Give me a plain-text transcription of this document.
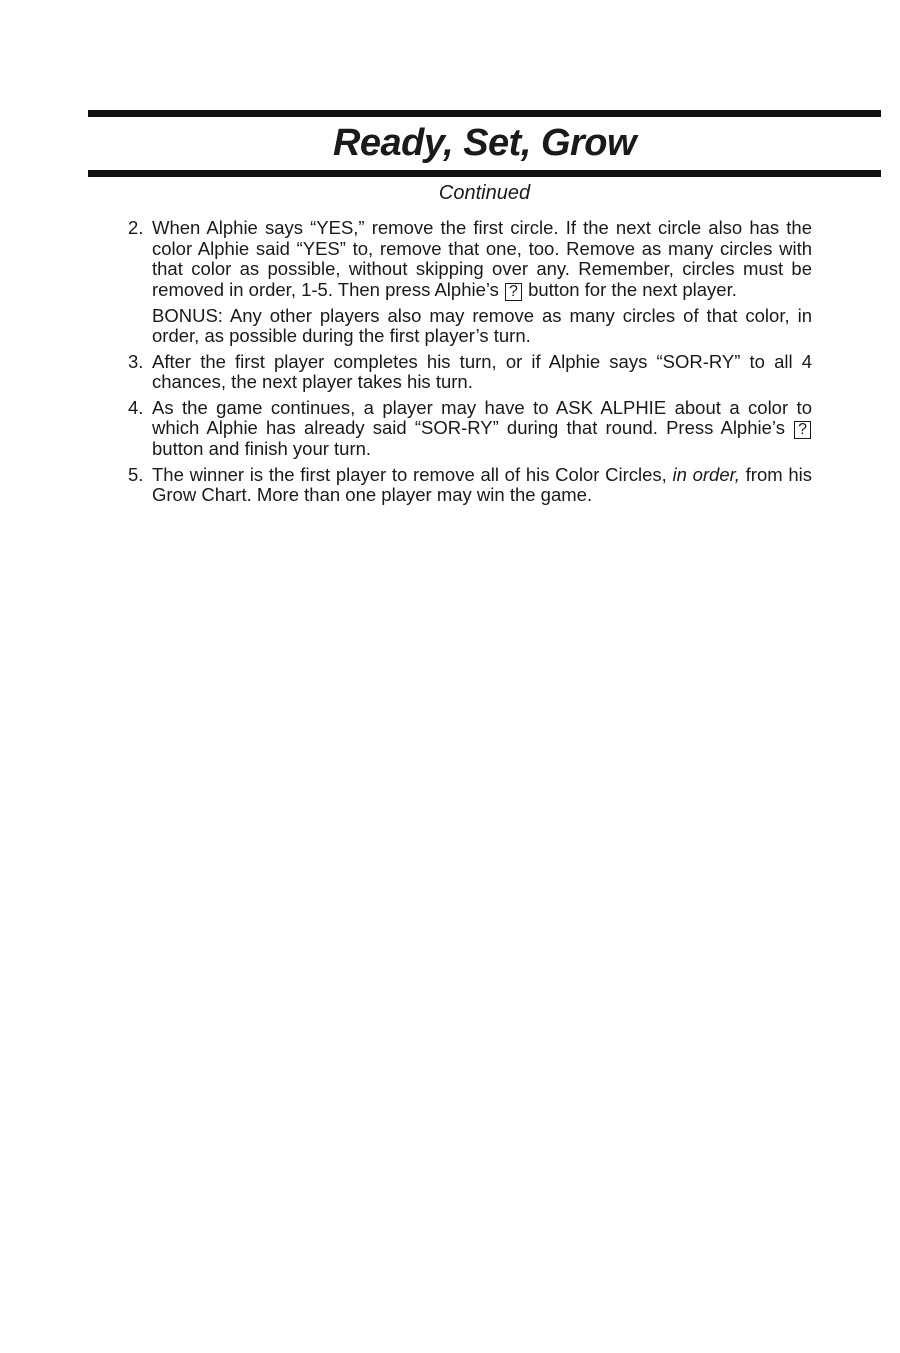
Ready, Set, Grow
Continued
2. When Alphie says “YES,” remove the first circle. If the next circle also has the color Alphie said “YES” to, remove that one, too. Remove as many circles with that color as possible, without skipping over any. Remember, circles must be removed in order, 1-5. Then press Alphie’s ? button for the next player.

BONUS: Any other players also may remove as many circles of that color, in order, as possible during the first player’s turn.

3. After the first player completes his turn, or if Alphie says “SOR-RY” to all 4 chances, the next player takes his turn.

4. As the game continues, a player may have to ASK ALPHIE about a color to which Alphie has already said “SOR-RY” during that round. Press Alphie’s ? button and finish your turn.

5. The winner is the first player to remove all of his Color Circles, in order, from his Grow Chart. More than one player may win the game.
